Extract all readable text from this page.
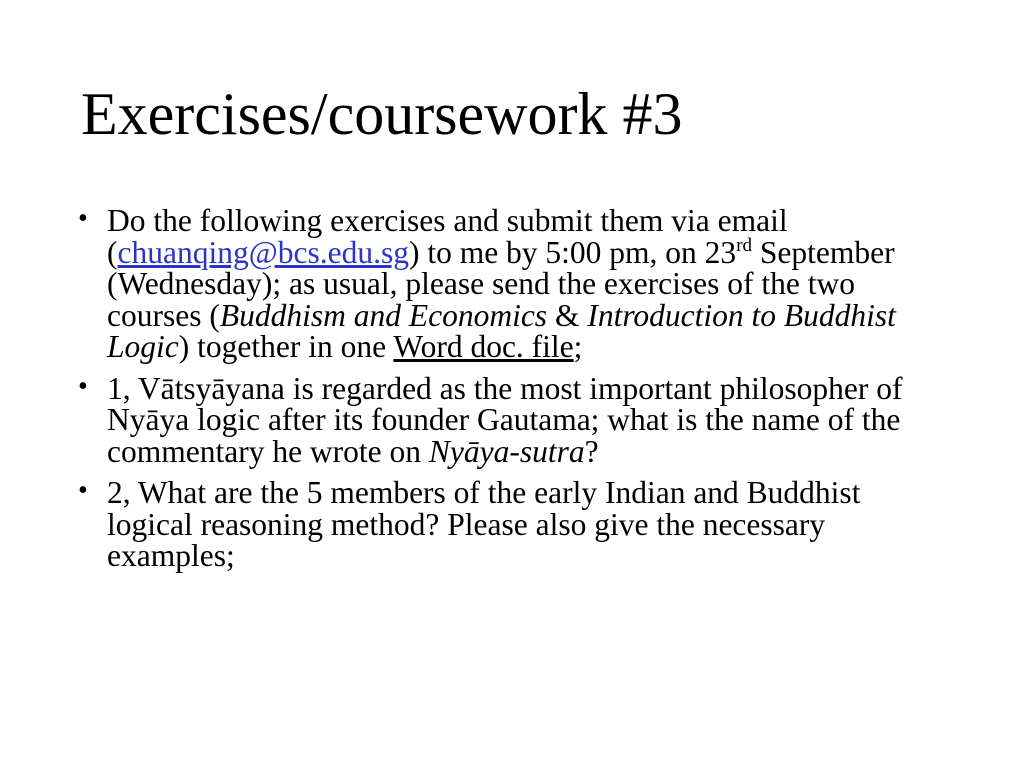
Exercises/coursework #3
• Do the following exercises and submit them via email (chuanqing@bcs.edu.sg) to me by 5:00 pm, on 23rd September (Wednesday); as usual, please send the exercises of the two courses (Buddhism and Economics & Introduction to Buddhist Logic) together in one Word doc. file;
• 1, Vātsyāyana is regarded as the most important philosopher of Nyāya logic after its founder Gautama; what is the name of the commentary he wrote on Nyāya-sutra?
• 2, What are the 5 members of the early Indian and Buddhist logical reasoning method? Please also give the necessary examples;
